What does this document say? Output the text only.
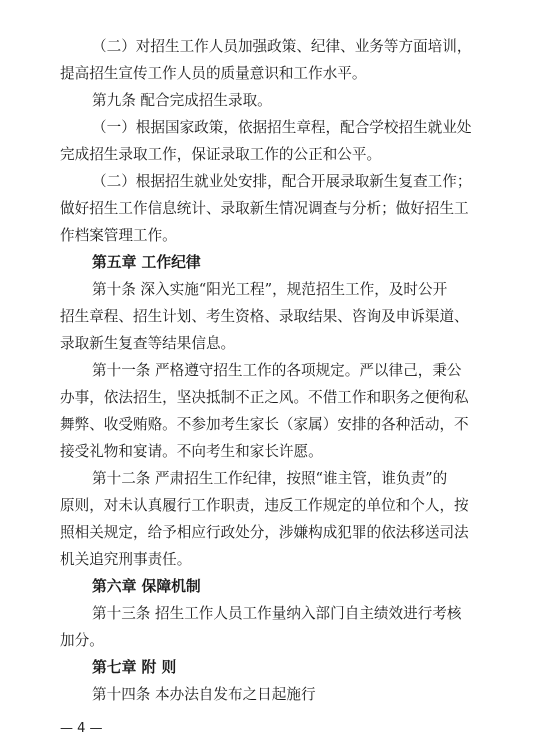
（二）对招生工作人员加强政策、纪律、业务等方面培训，
提高招生宣传工作人员的质量意识和工作水平。
第九条 配合完成招生录取。
（一）根据国家政策，依据招生章程，配合学校招生就业处
完成招生录取工作，保证录取工作的公正和公平。
（二）根据招生就业处安排，配合开展录取新生复查工作；
做好招生工作信息统计、录取新生情况调查与分析；做好招生工
作档案管理工作。
第五章 工作纪律
第十条 深入实施“阳光工程”，规范招生工作，及时公开
招生章程、招生计划、考生资格、录取结果、咨询及申诉渠道、
录取新生复查等结果信息。
第十一条 严格遵守招生工作的各项规定。严以律己，秉公
办事，依法招生，坚决抵制不正之风。不借工作和职务之便徇私
舞弊、收受贿赂。不参加考生家长（家属）安排的各种活动，不
接受礼物和宴请。不向考生和家长许愿。
第十二条 严肃招生工作纪律，按照“谁主管，谁负责”的
原则，对未认真履行工作职责，违反工作规定的单位和个人，按
照相关规定，给予相应行政处分，涉嫌构成犯罪的依法移送司法
机关追究刑事责任。
第六章 保障机制
第十三条 招生工作人员工作量纳入部门自主绩效进行考核
加分。
第七章 附 则
第十四条 本办法自发布之日起施行
— 4 —
